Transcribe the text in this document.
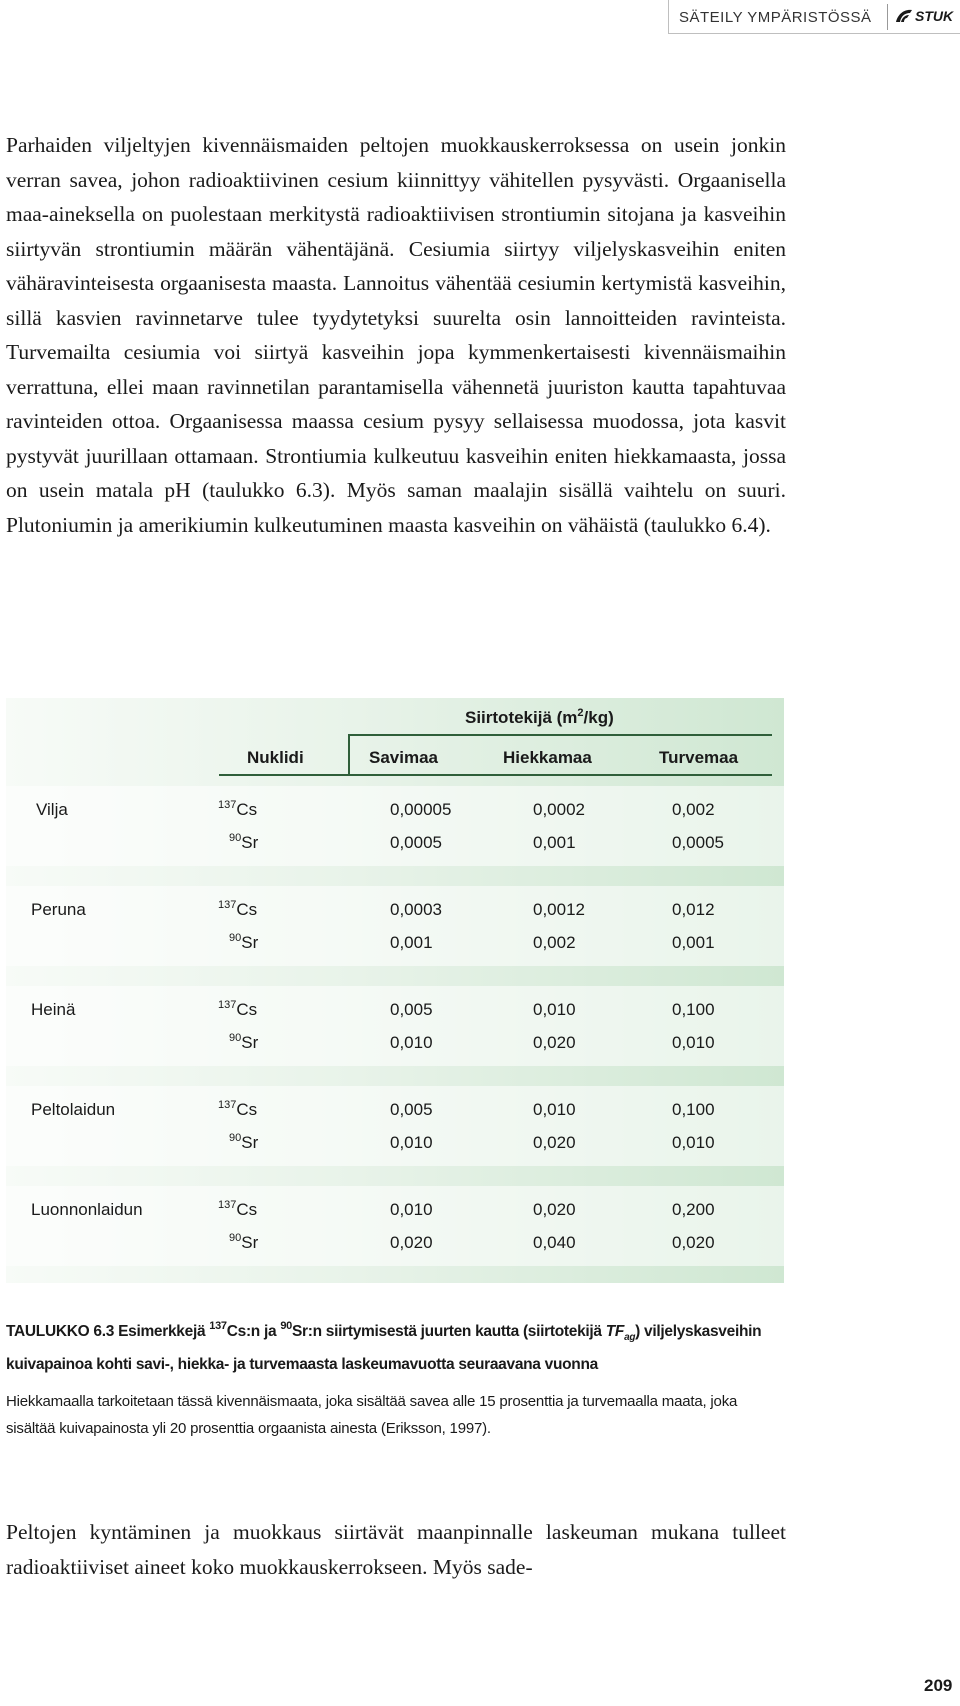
SÄTEILY YMPÄRISTÖSSÄ	STUK

Parhaiden viljeltyjen kivennäismaiden peltojen muokkauskerroksessa on usein jonkin verran savea, johon radioaktiivinen cesium kiinnittyy vähitellen pysyvästi. Orgaanisella maa-aineksella on puolestaan merkitystä radioaktiivisen strontiumin sitojana ja kasveihin siirtyvän strontiumin määrän vähentäjänä. Cesiumia siirtyy viljelyskasveihin eniten vähäravinteisesta orgaanisesta maasta. Lannoitus vähentää cesiumin kertymistä kasveihin, sillä kasvien ravinnetarve tulee tyydytetyksi suurelta osin lannoitteiden ravinteista. Turvemailta cesiumia voi siirtyä kasveihin jopa kymmenkertaisesti kivennäismaihin verrattuna, ellei maan ravinnetilan parantamisella vähennetä juuriston kautta tapahtuvaa ravinteiden ottoa. Orgaanisessa maassa cesium pysyy sellaisessa muodossa, jota kasvit pystyvät juurillaan ottamaan. Strontiumia kulkeutuu kasveihin eniten hiekkamaasta, jossa on usein matala pH (taulukko 6.3). Myös saman maalajin sisällä vaihtelu on suuri. Plutoniumin ja amerikiumin kulkeutuminen maasta kasveihin on vähäistä (taulukko 6.4).

Siirtotekijä $(m^2/kg)$
Nuklidi	Savimaa	Hiekkamaa	Turvemaa
Vilja	$^{137}$Cs	0,00005	0,0002	0,002
$^{90}$Sr	0,0005	0,001	0,0005
Peruna	$^{137}$Cs	0,0003	0,0012	0,012
$^{90}$Sr	0,001	0,002	0,001
Heinä	$^{137}$Cs	0,005	0,010	0,100
$^{90}$Sr	0,010	0,020	0,010
Peltolaidun	$^{137}$Cs	0,005	0,010	0,100
$^{90}$Sr	0,010	0,020	0,010
Luonnonlaidun	$^{137}$Cs	0,010	0,020	0,200
$^{90}$Sr	0,020	0,040	0,020
TAULUKKO 6.3 Esimerkkejä $^{137}$Cs:n ja $^{90}$Sr:n siirtymisestä juurten kautta (siirtotekijä $TF_{ag}$) viljelyskasveihin kuivapainoa kohti savi-, hiekka- ja turvemaasta laskeumavuotta seuraavana vuonna
Hiekkamaalla tarkoitetaan tässä kivennäismaata, joka sisältää savea alle 15 prosenttia ja turvemaalla maata, joka sisältää kuivapainosta yli 20 prosenttia orgaanista ainesta (Eriksson, 1997).

Peltojen kyntäminen ja muokkaus siirtävät maanpinnalle laskeuman mukana tulleet radioaktiiviset aineet koko muokkauskerrokseen. Myös sade-

209
